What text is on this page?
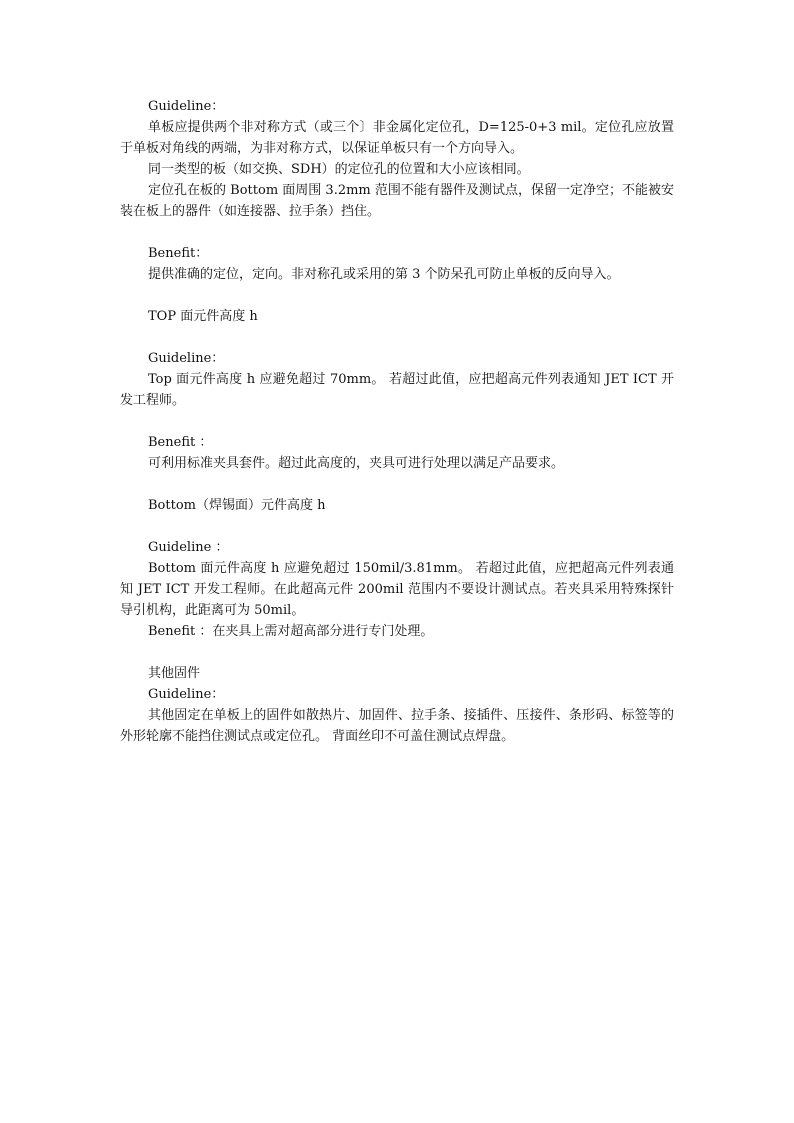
Guideline：

单板应提供两个非对称方式（或三个〕非金属化定位孔，D=125-0+3 mil。定位孔应放置于单板对角线的两端，为非对称方式，以保证单板只有一个方向导入。

同一类型的板（如交换、SDH）的定位孔的位置和大小应该相同。

定位孔在板的 Bottom 面周围 3.2mm 范围不能有器件及测试点，保留一定净空；不能被安装在板上的器件（如连接器、拉手条）挡住。

Benefit：

提供准确的定位，定向。非对称孔或采用的第 3 个防呆孔可防止单板的反向导入。

TOP 面元件高度 h

Guideline：

Top 面元件高度 h 应避免超过 70mm。 若超过此值，应把超高元件列表通知 JET ICT 开发工程师。

Benefit ：

可利用标准夹具套件。超过此高度的，夹具可进行处理以满足产品要求。

Bottom（焊锡面）元件高度 h

Guideline ：

Bottom 面元件高度 h 应避免超过 150mil/3.81mm。 若超过此值，应把超高元件列表通知 JET ICT 开发工程师。在此超高元件 200mil 范围内不要设计测试点。若夹具采用特殊探针导引机构，此距离可为 50mil。

Benefit ：在夹具上需对超高部分进行专门处理。

其他固件

Guideline：

其他固定在单板上的固件如散热片、加固件、拉手条、接插件、压接件、条形码、标签等的外形轮廓不能挡住测试点或定位孔。 背面丝印不可盖住测试点焊盘。
